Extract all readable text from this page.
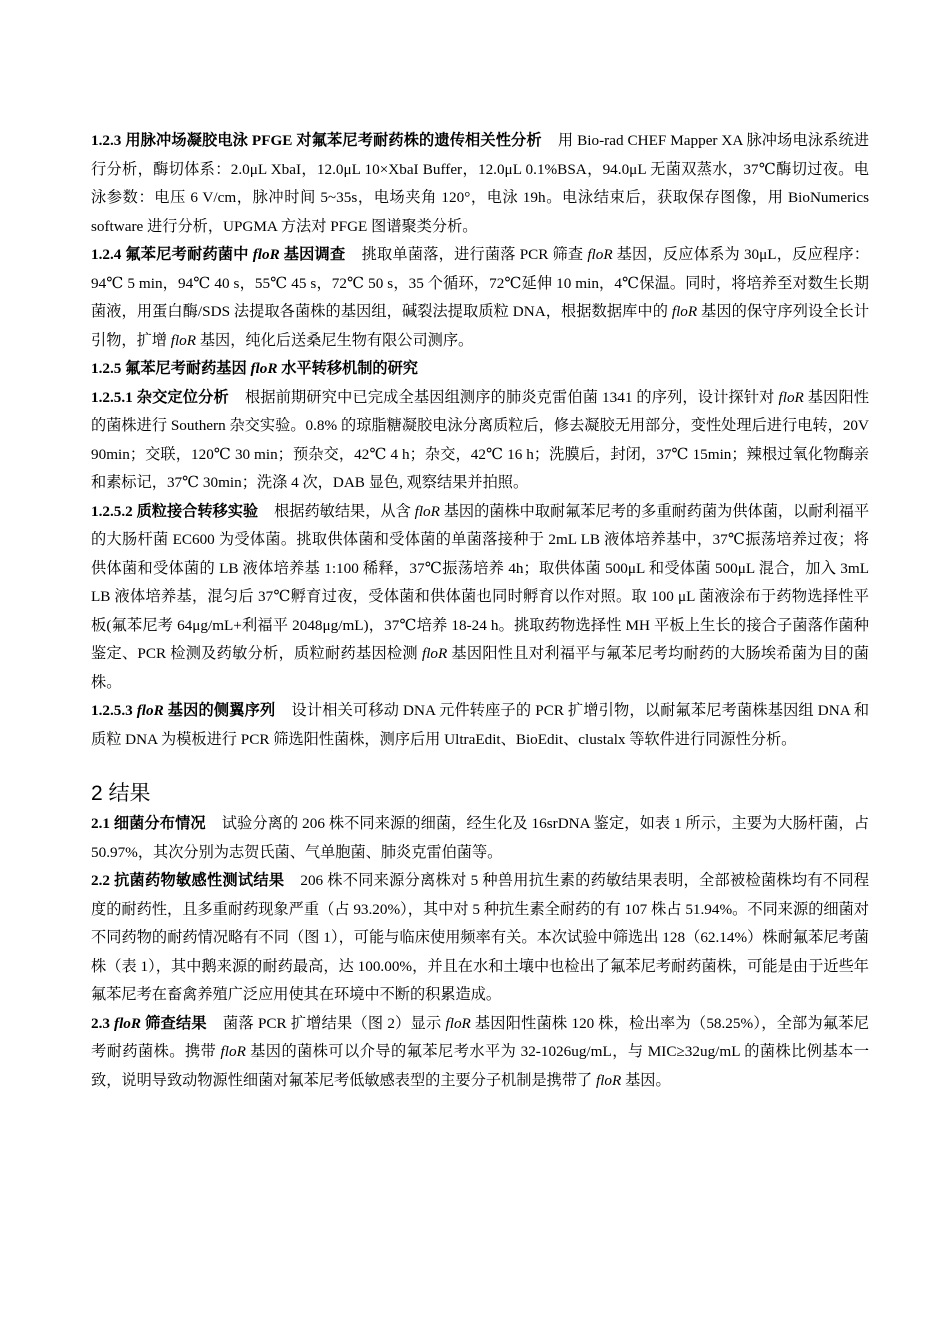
1.2.3 用脉冲场凝胶电泳 PFGE 对氟苯尼考耐药株的遗传相关性分析 用 Bio-rad CHEF Mapper XA 脉冲场电泳系统进行分析，酶切体系：2.0μL XbaI，12.0μL 10×XbaI Buffer，12.0μL 0.1%BSA，94.0μL 无菌双蒸水，37℃酶切过夜。电泳参数：电压 6 V/cm，脉冲时间 5~35s，电场夹角 120°，电泳 19h。电泳结束后，获取保存图像，用 BioNumerics software 进行分析，UPGMA 方法对 PFGE 图谱聚类分析。

1.2.4 氟苯尼考耐药菌中 floR 基因调查 挑取单菌落，进行菌落 PCR 筛查 floR 基因，反应体系为 30μL，反应程序：94℃ 5 min，94℃ 40 s，55℃ 45 s，72℃ 50 s，35 个循环，72℃延伸 10 min，4℃保温。同时，将培养至对数生长期菌液，用蛋白酶/SDS 法提取各菌株的基因组，碱裂法提取质粒 DNA，根据数据库中的 floR 基因的保守序列设全长计引物，扩增 floR 基因，纯化后送桑尼生物有限公司测序。

1.2.5 氟苯尼考耐药基因 floR 水平转移机制的研究

1.2.5.1 杂交定位分析 根据前期研究中已完成全基因组测序的肺炎克雷伯菌 1341 的序列，设计探针对 floR 基因阳性的菌株进行 Southern 杂交实验。0.8% 的琼脂糖凝胶电泳分离质粒后，修去凝胶无用部分，变性处理后进行电转，20V 90min；交联，120℃ 30 min；预杂交，42℃ 4 h；杂交，42℃ 16 h；洗膜后，封闭，37℃ 15min；辣根过氧化物酶亲和素标记，37℃ 30min；洗涤 4 次，DAB 显色, 观察结果并拍照。

1.2.5.2 质粒接合转移实验 根据药敏结果，从含 floR 基因的菌株中取耐氟苯尼考的多重耐药菌为供体菌，以耐利福平的大肠杆菌 EC600 为受体菌。挑取供体菌和受体菌的单菌落接种于 2mL LB 液体培养基中，37℃振荡培养过夜；将供体菌和受体菌的 LB 液体培养基 1:100 稀释，37℃振荡培养 4h；取供体菌 500μL 和受体菌 500μL 混合，加入 3mL LB 液体培养基，混匀后 37℃孵育过夜，受体菌和供体菌也同时孵育以作对照。取 100 μL 菌液涂布于药物选择性平板(氟苯尼考 64μg/mL+利福平 2048μg/mL)，37℃培养 18-24 h。挑取药物选择性 MH 平板上生长的接合子菌落作菌种鉴定、PCR 检测及药敏分析，质粒耐药基因检测 floR 基因阳性且对利福平与氟苯尼考均耐药的大肠埃希菌为目的菌株。

1.2.5.3 floR 基因的侧翼序列 设计相关可移动 DNA 元件转座子的 PCR 扩增引物，以耐氟苯尼考菌株基因组 DNA 和质粒 DNA 为模板进行 PCR 筛选阳性菌株，测序后用 UltraEdit、BioEdit、clustalx 等软件进行同源性分析。

2 结果

2.1 细菌分布情况 试验分离的 206 株不同来源的细菌，经生化及 16srDNA 鉴定，如表 1 所示，主要为大肠杆菌，占 50.97%，其次分别为志贺氏菌、气单胞菌、肺炎克雷伯菌等。

2.2 抗菌药物敏感性测试结果 206 株不同来源分离株对 5 种兽用抗生素的药敏结果表明，全部被检菌株均有不同程度的耐药性，且多重耐药现象严重（占 93.20%），其中对 5 种抗生素全耐药的有 107 株占 51.94%。不同来源的细菌对不同药物的耐药情况略有不同（图 1），可能与临床使用频率有关。本次试验中筛选出 128（62.14%）株耐氟苯尼考菌株（表 1），其中鹅来源的耐药最高，达 100.00%，并且在水和土壤中也检出了氟苯尼考耐药菌株，可能是由于近些年氟苯尼考在畜禽养殖广泛应用使其在环境中不断的积累造成。

2.3 floR 筛查结果 菌落 PCR 扩增结果（图 2）显示 floR 基因阳性菌株 120 株，检出率为（58.25%），全部为氟苯尼考耐药菌株。携带 floR 基因的菌株可以介导的氟苯尼考水平为 32-1026ug/mL，与 MIC≥32ug/mL 的菌株比例基本一致，说明导致动物源性细菌对氟苯尼考低敏感表型的主要分子机制是携带了 floR 基因。
